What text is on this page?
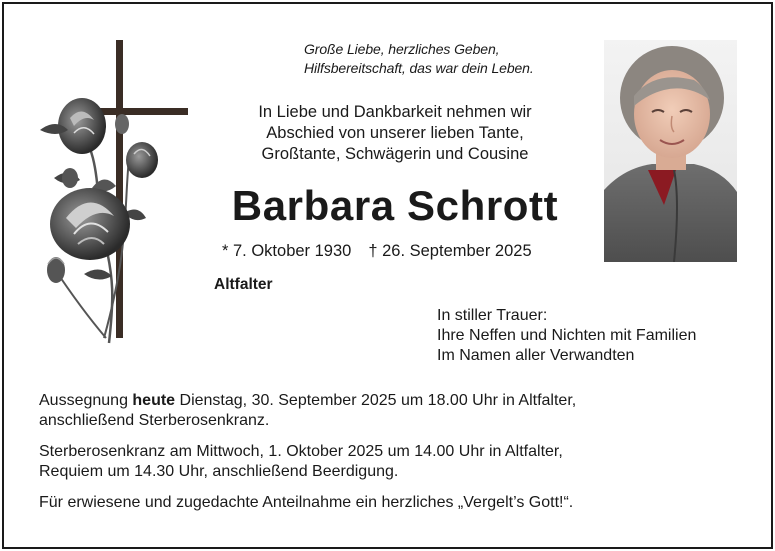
Große Liebe, herzliches Geben,
Hilfsbereitschaft, das war dein Leben.
In Liebe und Dankbarkeit nehmen wir
Abschied von unserer lieben Tante,
Großtante, Schwägerin und Cousine
Barbara Schrott
* 7. Oktober 1930 † 26. September 2025
Altfalter
In stiller Trauer:
Ihre Neffen und Nichten mit Familien
Im Namen aller Verwandten

Aussegnung heute Dienstag, 30. September 2025 um 18.00 Uhr in Altfalter,
anschließend Sterberosenkranz.

Sterberosenkranz am Mittwoch, 1. Oktober 2025 um 14.00 Uhr in Altfalter,
Requiem um 14.30 Uhr, anschließend Beerdigung.

Für erwiesene und zugedachte Anteilnahme ein herzliches „Vergelt’s Gott!“.
